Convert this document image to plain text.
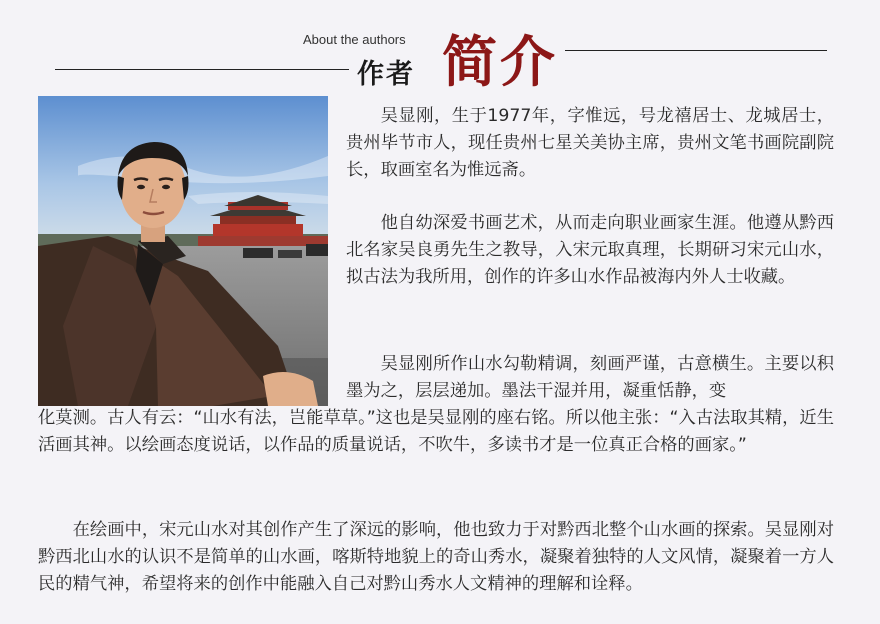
About the authors
作者 简介

吴显刚，生于1977年，字惟远，号龙禧居士、龙城居士，贵州毕节市人，现任贵州七星关美协主席，贵州文笔书画院副院长，取画室名为惟远斋。

他自幼深爱书画艺术，从而走向职业画家生涯。他遵从黔西北名家吴良勇先生之教导，入宋元取真理，长期研习宋元山水，拟古法为我所用，创作的许多山水作品被海内外人士收藏。

吴显刚所作山水勾勒精调，刻画严谨，古意横生。主要以积墨为之，层层递加。墨法干湿并用，凝重恬静，变

化莫测。古人有云：“山水有法，岂能草草。”这也是吴显刚的座右铭。所以他主张：“入古法取其精，近生活画其神。以绘画态度说话，以作品的质量说话，不吹牛，多读书才是一位真正合格的画家。”

在绘画中，宋元山水对其创作产生了深远的影响，他也致力于对黔西北整个山水画的探索。吴显刚对黔西北山水的认识不是简单的山水画，喀斯特地貌上的奇山秀水，凝聚着独特的人文风情，凝聚着一方人民的精气神，希望将来的创作中能融入自己对黔山秀水人文精神的理解和诠释。
